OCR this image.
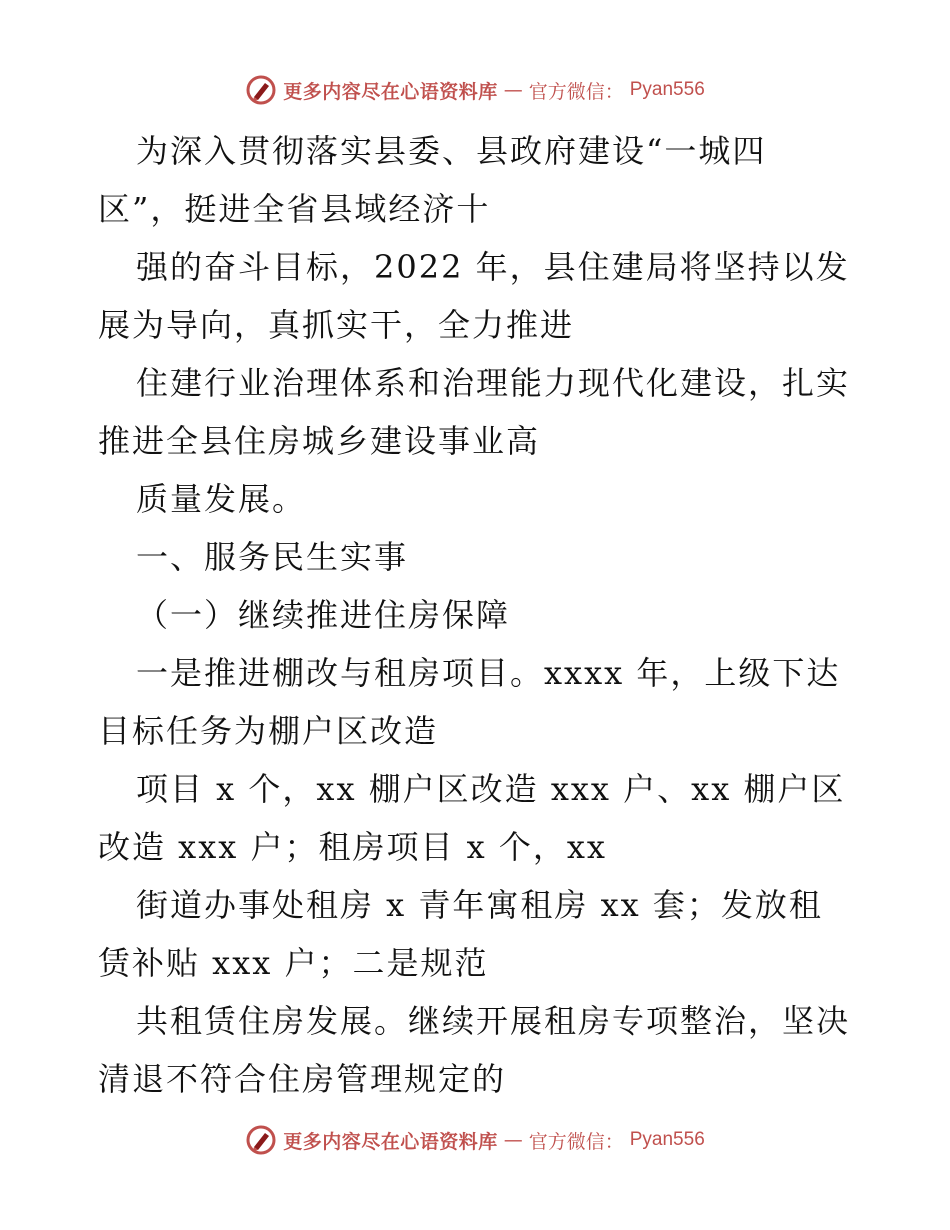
更多内容尽在心语资料库 — 官方微信： Pyan556
为深入贯彻落实县委、县政府建设“一城四
区”，挺进全省县域经济十
强的奋斗目标，2022 年，县住建局将坚持以发
展为导向，真抓实干，全力推进
住建行业治理体系和治理能力现代化建设，扎实
推进全县住房城乡建设事业高
质量发展。
一、服务民生实事
（一）继续推进住房保障
一是推进棚改与租房项目。xxxx 年，上级下达
目标任务为棚户区改造
项目 x 个，xx 棚户区改造 xxx 户、xx 棚户区
改造 xxx 户；租房项目 x 个，xx
街道办事处租房 x 青年寓租房 xx 套；发放租
赁补贴 xxx 户；二是规范
共租赁住房发展。继续开展租房专项整治，坚决
清退不符合住房管理规定的
更多内容尽在心语资料库 — 官方微信： Pyan556
